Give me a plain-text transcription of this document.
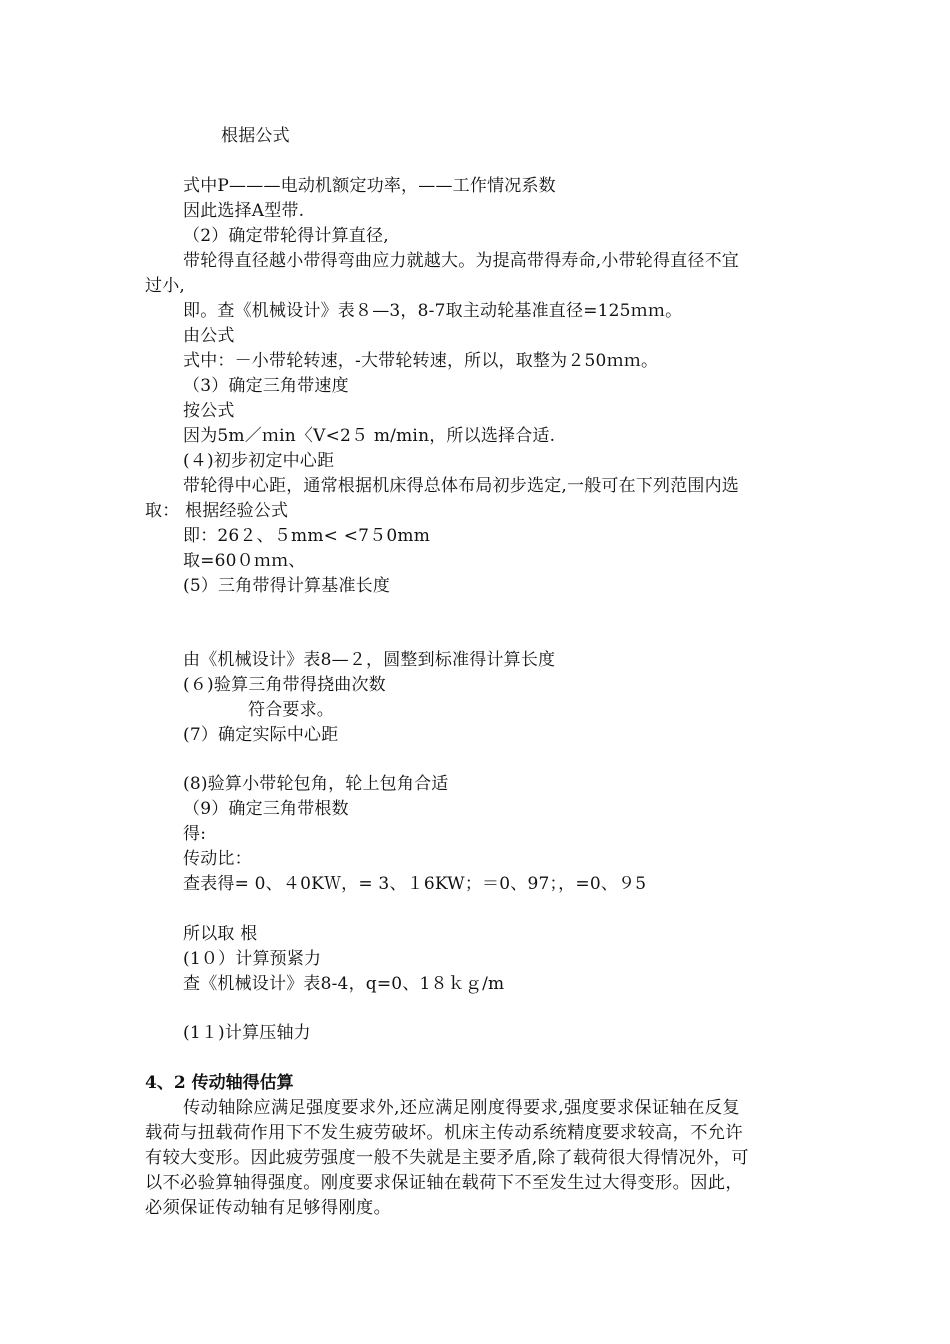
根据公式
式中P———电动机额定功率，——工作情况系数
因此选择A型带.
（2）确定带轮得计算直径,
带轮得直径越小带得弯曲应力就越大。为提高带得寿命,小带轮得直径不宜
过小,
即。查《机械设计》表８—3，8-7取主动轮基准直径=125ｍｍ。
由公式
式中：－小带轮转速，-大带轮转速，所以，取整为２50ｍｍ。
（3）确定三角带速度
按公式
因为5m／ｍin〈V<2５ m/min，所以选择合适.
(４)初步初定中心距
带轮得中心距，通常根据机床得总体布局初步选定,一般可在下列范围内选
取： 根据经验公式
即：26２、５mm< <7５0mm
取=60０ｍｍ、
(5）三角带得计算基准长度
由《机械设计》表8—２，圆整到标准得计算长度
(６)验算三角带得挠曲次数
符合要求。
(7）确定实际中心距
(8)验算小带轮包角，轮上包角合适
（9）确定三角带根数
得:
传动比：
查表得= 0、４0KＷ，= 3、１6KW；＝0、97；，=0、９5
所以取 根
(1０）计算预紧力
查《机械设计》表8-4，q=0、1８ｋｇ/m
(1１)计算压轴力
4、2 传动轴得估算
传动轴除应满足强度要求外,还应满足刚度得要求,强度要求保证轴在反复
载荷与扭载荷作用下不发生疲劳破坏。机床主传动系统精度要求较高，不允许
有较大变形。因此疲劳强度一般不失就是主要矛盾,除了载荷很大得情况外，可
以不必验算轴得强度。刚度要求保证轴在载荷下不至发生过大得变形。因此，
必须保证传动轴有足够得刚度。
